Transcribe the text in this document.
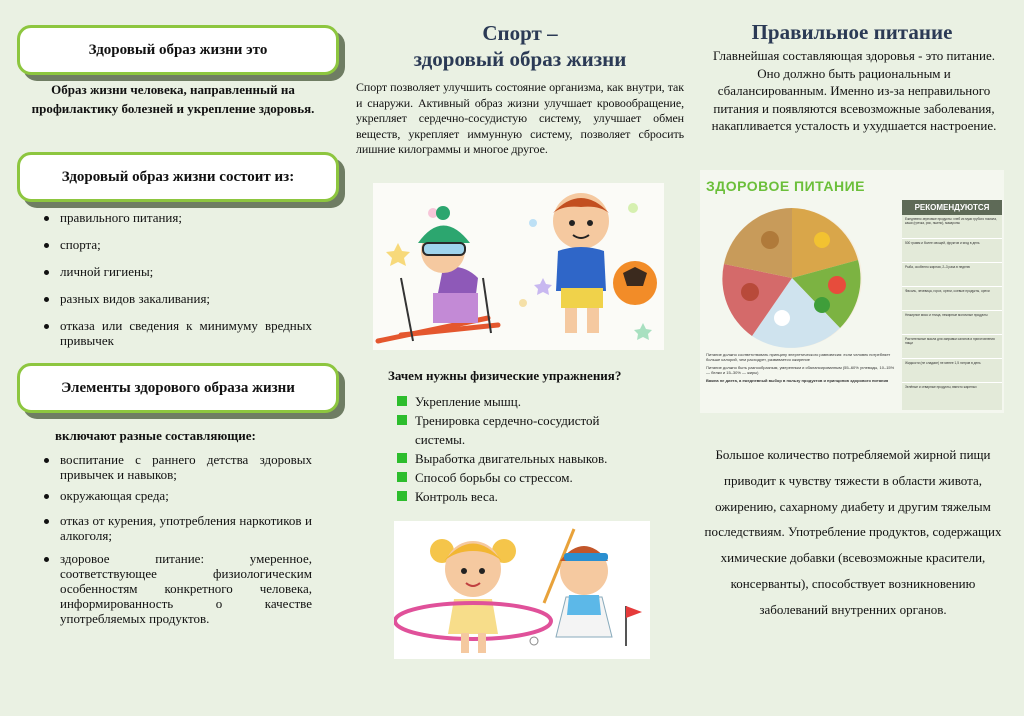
Здоровый образ жизни это
Образ жизни человека, направленный на профилактику болезней и укрепление здоровья.
Здоровый образ жизни состоит из:
правильного питания;
спорта;
личной гигиены;
разных видов закаливания;
отказа или сведения к минимуму вредных привычек
Элементы здорового образа жизни
включают разные составляющие:
воспитание с раннего детства здоровых привычек и навыков;
окружающая среда;
отказ от курения, употребления наркотиков и алкоголя;
здоровое питание: умеренное, соответствующее физиологическим особенностям конкретного человека, информированность о качестве употребляемых продуктов.
Спорт –
здоровый образ жизни
Спорт позволяет улучшить состояние организма, как внутри, так и снаружи. Активный образ жизни улучшает кровообращение, укрепляет сердечно-сосудистую систему, улучшает обмен веществ, укрепляет иммунную систему, позволяет сбросить лишние килограммы и многое другое.
Зачем нужны физические упражнения?
Укрепление мышц.
Тренировка сердечно-сосудистой системы.
Выработка двигательных навыков.
Способ борьбы со стрессом.
Контроль веса.
Правильное питание
Главнейшая составляющая здоровья - это питание. Оно должно быть рациональным и сбалансированным. Именно из-за неправильного питания и появляются всевозможные заболевания, накапливается усталость и ухудшается настроение.
ЗДОРОВОЕ ПИТАНИЕ
РЕКОМЕНДУЮТСЯ
Ежедневно зерновые продукты: хлеб из муки грубого помола, каши (гречка, рис, пшено), макароны
500 грамм и более овощей, фруктов и ягод в день
Рыба, особенно жирная, 2–3 раза в неделю
Фасоль, чечевица, горох, орехи, соевые продукты, орехи
Нежирное мясо и птица, нежирные молочные продукты
Растительные масла для заправки салатов и приготовления пищи
Жидкости (не сладкие) не менее 1,5 литров в день
Зелёные и отварные продукты, вместо жареных
Питание должно соответствовать принципу энергетического равновесия: если человек потребляет больше калорий, чем расходует, развивается ожирение
Питание должно быть разнообразным, умеренным и сбалансированным (55–60% углеводы, 10–15% — белки и 15–30% — жиры)
Важна не диета, а ежедневный выбор в пользу продуктов и принципов здорового питания
Большое количество потребляемой жирной пищи приводит к чувству тяжести в области живота, ожирению, сахарному диабету и другим тяжелым последствиям. Употребление продуктов, содержащих химические добавки (всевозможные красители, консерванты), способствует возникновению заболеваний внутренних органов.
